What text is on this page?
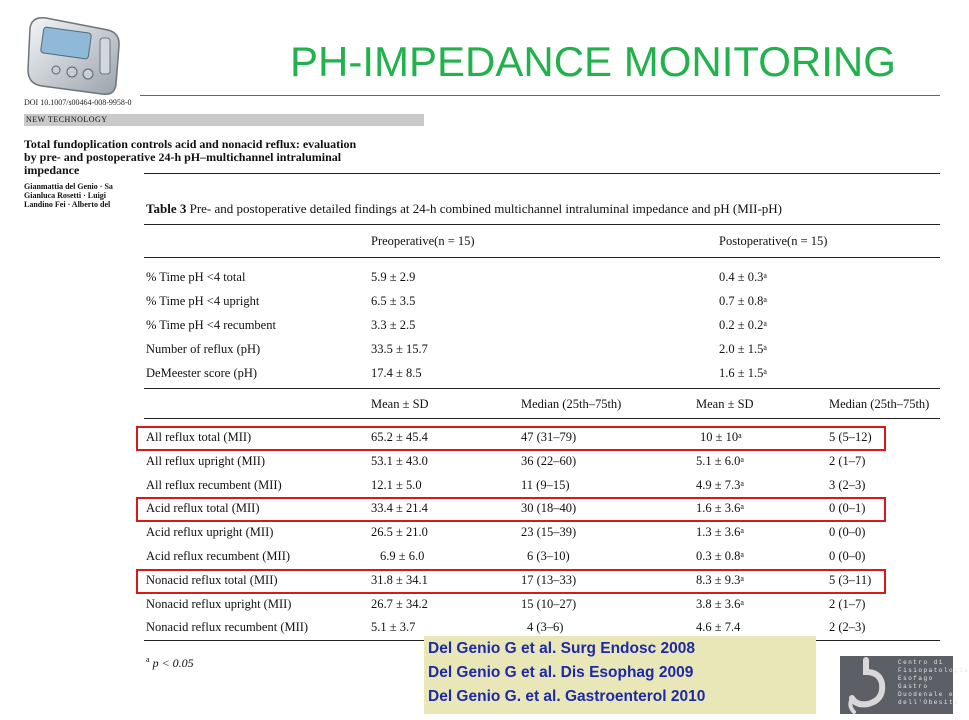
PH-IMPEDANCE MONITORING
DOI 10.1007/s00464-008-9958-0
NEW TECHNOLOGY
Total fundoplication controls acid and nonacid reflux: evaluation
by pre- and postoperative 24-h pH–multichannel intraluminal
impedance
Gianmattia del Genio · Sa
Gianluca Rosetti · Luigi
Landino Fei · Alberto del	Table 3 Pre- and postoperative detailed findings at 24-h combined multichannel intraluminal impedance and pH (MII-pH)
Preoperative(n = 15)	Postoperative(n = 15)
% Time pH <4 total	5.9 ± 2.9	0.4 ± 0.3$^a$
% Time pH <4 upright	6.5 ± 3.5	0.7 ± 0.8$^a$
% Time pH <4 recumbent	3.3 ± 2.5	0.2 ± 0.2$^a$
Number of reflux (pH)	33.5 ± 15.7	2.0 ± 1.5$^a$
DeMeester score (pH)	17.4 ± 8.5	1.6 ± 1.5$^a$
Mean ± SD	Median (25th–75th)	Mean ± SD	Median (25th–75th)
All reflux total (MII)	65.2 ± 45.4	47 (31–79)	$10 \pm 10^a$	5 (5–12)
All reflux upright (MII)	53.1 ± 43.0	36 (22–60)	5.1 ± 6.0$^a$	2 (1–7)
All reflux recumbent (MII)	12.1 ± 5.0	11 (9–15)	4.9 ± 7.3$^a$	3 (2–3)
Acid reflux total (MII)	33.4 ± 21.4	30 (18–40)	1.6 ± 3.6$^a$	0 (0–1)
Acid reflux upright (MII)	26.5 ± 21.0	23 (15–39)	1.3 ± 3.6$^a$	0 (0–0)
Acid reflux recumbent (MII)	6.9 ± 6.0	6 (3–10)	0.3 ± 0.8$^a$	0 (0–0)
Nonacid reflux total (MII)	31.8 ± 34.1	17 (13–33)	8.3 ± 9.3$^a$	5 (3–11)
Nonacid reflux upright (MII)	26.7 ± 34.2	15 (10–27)	3.8 ± 3.6$^a$	2 (1–7)
Nonacid reflux recumbent (MII)	5.1 ± 3.7	4 (3–6)	4.6 ± 7.4	2 (2–3)
$^a$ p < 0.05
Del Genio G et al. Surg Endosc 2008
Del Genio G et al. Dis Esophag 2009
Del Genio G. et al. Gastroenterol 2010
Centro di
Fisiopatologia
Esofago
Gastro
Duodenale e
dell'Obesità
